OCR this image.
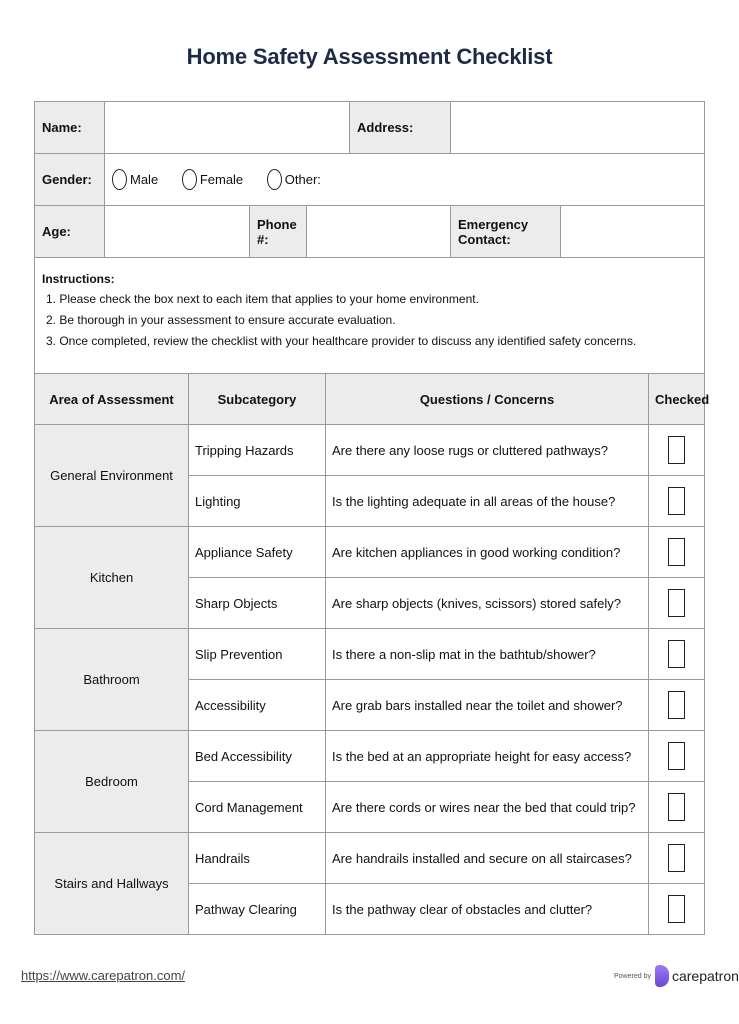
Home Safety Assessment Checklist
Name:				Address:		
Gender:	Male Female Other:					
Age:		Phone #:			Emergency Contact:	

Instructions:
1. Please check the box next to each item that applies to your home environment.
2. Be thorough in your assessment to ensure accurate evaluation.
3. Once completed, review the checklist with your healthcare provider to discuss any identified safety concerns.						
Area of Assessment	Subcategory	Questions / Concerns	Checked
General Environment	Tripping Hazards	Are there any loose rugs or cluttered pathways?	

	Lighting	Is the lighting adequate in all areas of the house?	

Kitchen	Appliance Safety	Are kitchen appliances in good working condition?	

	Sharp Objects	Are sharp objects (knives, scissors) stored safely?	

Bathroom	Slip Prevention	Is there a non-slip mat in the bathtub/shower?	

	Accessibility	Are grab bars installed near the toilet and shower?	

Bedroom	Bed Accessibility	Is the bed at an appropriate height for easy access?	

	Cord Management	Are there cords or wires near the bed that could trip?	

Stairs and Hallways	Handrails	Are handrails installed and secure on all staircases?	

	Pathway Clearing	Is the pathway clear of obstacles and clutter?	
https://www.carepatron.com/	Powered by carepatron
